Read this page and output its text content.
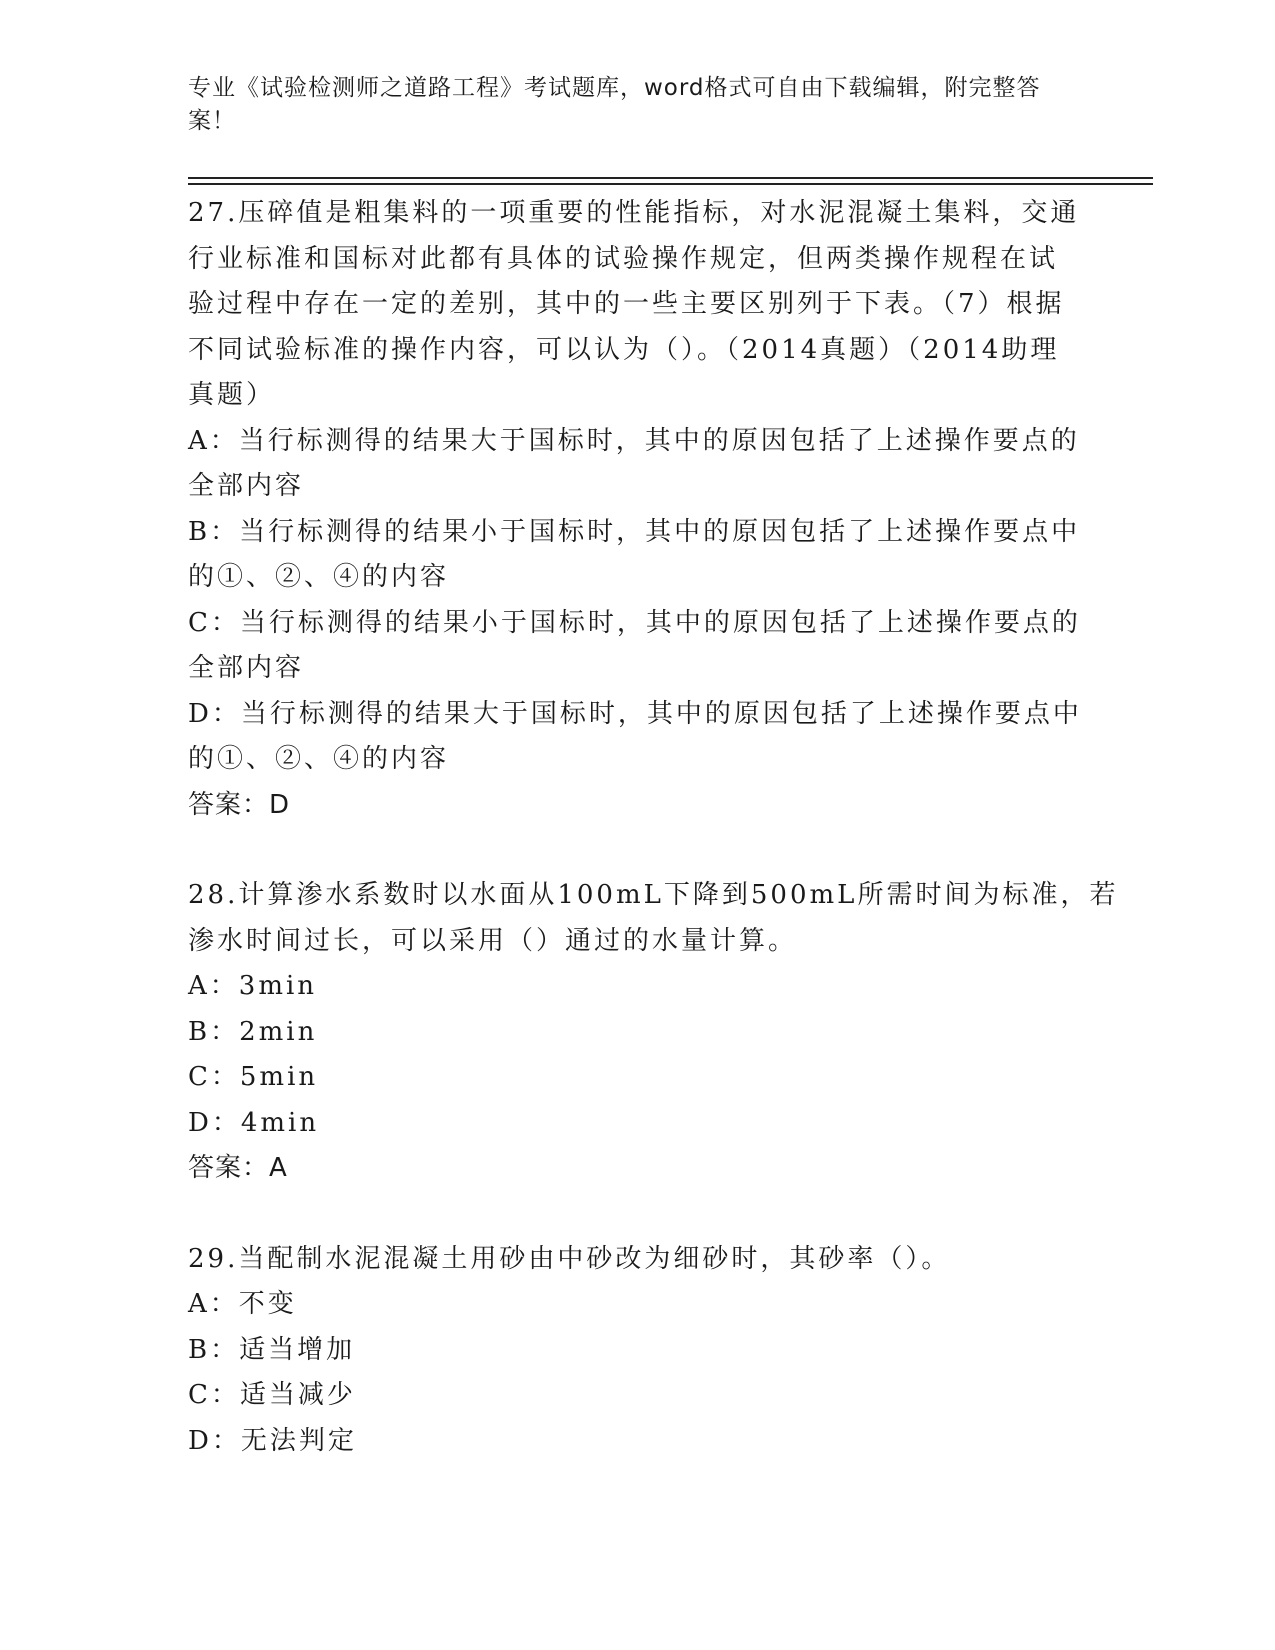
专业《试验检测师之道路工程》考试题库，word格式可自由下载编辑，附完整答
案！
27.压碎值是粗集料的一项重要的性能指标，对水泥混凝土集料，交通
行业标准和国标对此都有具体的试验操作规定，但两类操作规程在试
验过程中存在一定的差别，其中的一些主要区别列于下表。（7）根据
不同试验标准的操作内容，可以认为（）。（2014真题）（2014助理
真题）
A：当行标测得的结果大于国标时，其中的原因包括了上述操作要点的
全部内容
B：当行标测得的结果小于国标时，其中的原因包括了上述操作要点中
的①、②、④的内容
C：当行标测得的结果小于国标时，其中的原因包括了上述操作要点的
全部内容
D：当行标测得的结果大于国标时，其中的原因包括了上述操作要点中
的①、②、④的内容
答案：D
28.计算渗水系数时以水面从100mL下降到500mL所需时间为标准，若
渗水时间过长，可以采用（）通过的水量计算。
A：3min
B：2min
C：5min
D：4min
答案：A
29.当配制水泥混凝土用砂由中砂改为细砂时，其砂率（）。
A：不变
B：适当增加
C：适当减少
D：无法判定
